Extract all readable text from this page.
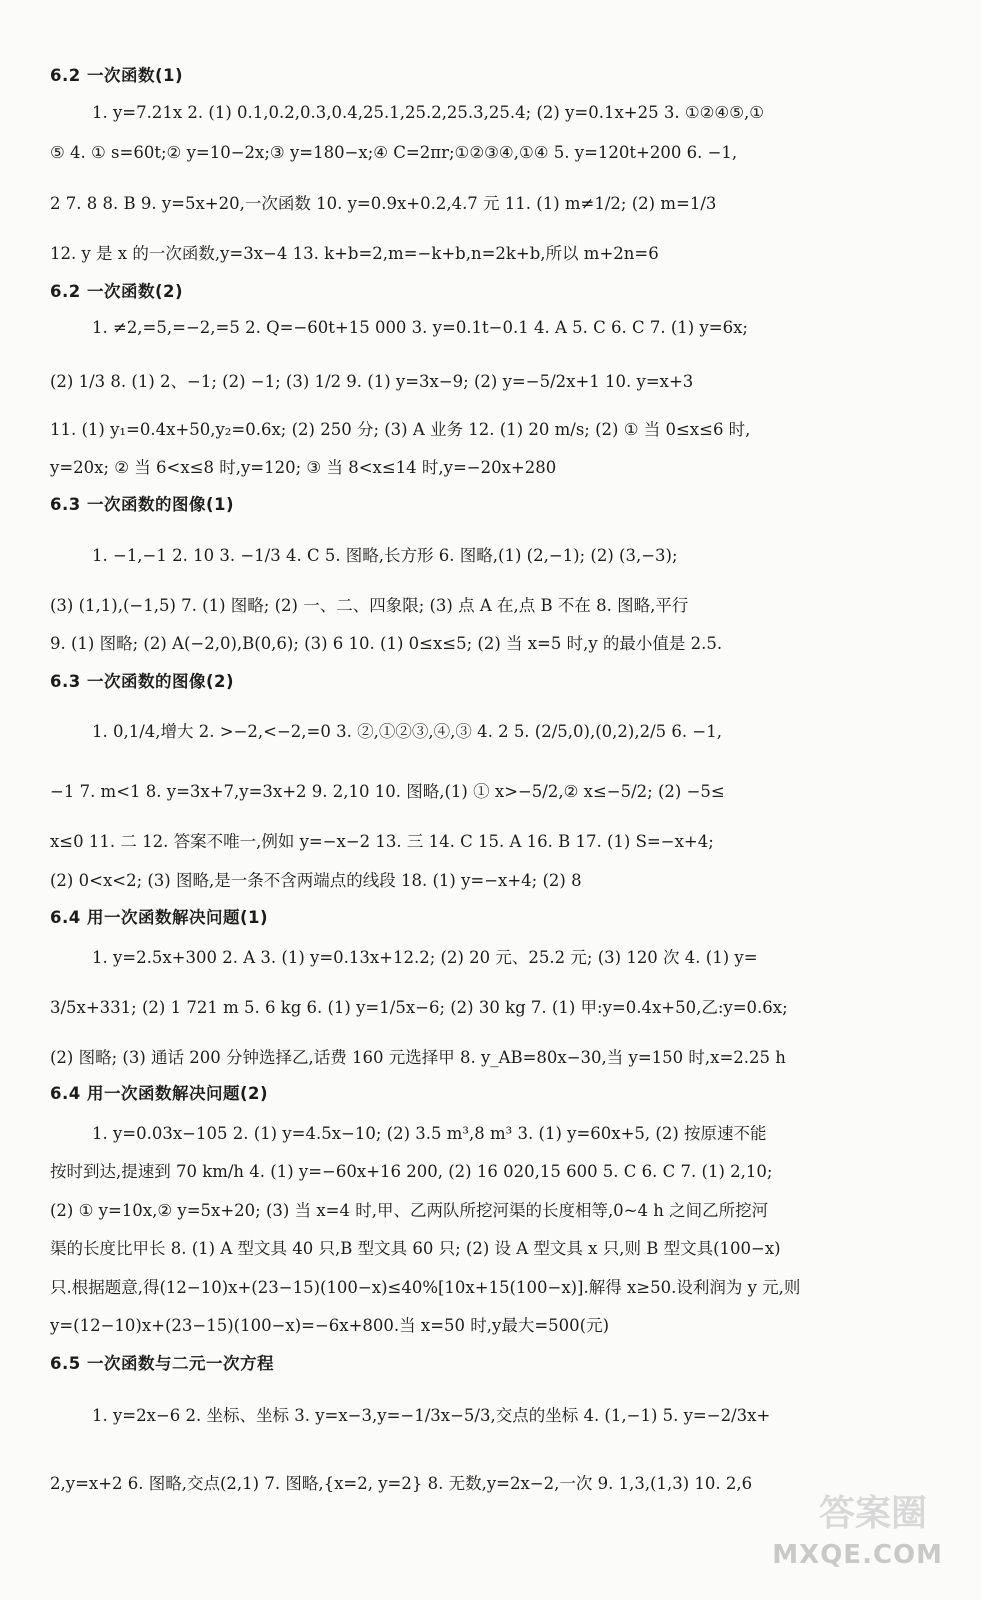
6.2 一次函数(1)
1. y=7.21x 2. (1) 0.1,0.2,0.3,0.4,25.1,25.2,25.3,25.4; (2) y=0.1x+25 3. ①②④⑤,①
⑤ 4. ① s=60t;② y=10−2x;③ y=180−x;④ C=2πr;①②③④,①④ 5. y=120t+200 6. −1,
2 7. 8 8. B 9. y=5x+20,一次函数 10. y=0.9x+0.2,4.7 元 11. (1) m≠1/2; (2) m=1/3
12. y 是 x 的一次函数,y=3x−4 13. k+b=2,m=−k+b,n=2k+b,所以 m+2n=6
6.2 一次函数(2)
1. ≠2,=5,=−2,=5 2. Q=−60t+15 000 3. y=0.1t−0.1 4. A 5. C 6. C 7. (1) y=6x;
(2) 1/3 8. (1) 2、−1; (2) −1; (3) 1/2 9. (1) y=3x−9; (2) y=−5/2x+1 10. y=x+3
11. (1) y₁=0.4x+50,y₂=0.6x; (2) 250 分; (3) A 业务 12. (1) 20 m/s; (2) ① 当 0≤x≤6 时,
y=20x; ② 当 6<x≤8 时,y=120; ③ 当 8<x≤14 时,y=−20x+280
6.3 一次函数的图像(1)
1. −1,−1 2. 10 3. −1/3 4. C 5. 图略,长方形 6. 图略,(1) (2,−1); (2) (3,−3);
(3) (1,1),(−1,5) 7. (1) 图略; (2) 一、二、四象限; (3) 点 A 在,点 B 不在 8. 图略,平行
9. (1) 图略; (2) A(−2,0),B(0,6); (3) 6 10. (1) 0≤x≤5; (2) 当 x=5 时,y 的最小值是 2.5.
6.3 一次函数的图像(2)
1. 0,1/4,增大 2. >−2,<−2,=0 3. ②,①②③,④,③ 4. 2 5. (2/5,0),(0,2),2/5 6. −1,
−1 7. m<1 8. y=3x+7,y=3x+2 9. 2,10 10. 图略,(1) ① x>−5/2,② x≤−5/2; (2) −5≤
x≤0 11. 二 12. 答案不唯一,例如 y=−x−2 13. 三 14. C 15. A 16. B 17. (1) S=−x+4;
(2) 0<x<2; (3) 图略,是一条不含两端点的线段 18. (1) y=−x+4; (2) 8
6.4 用一次函数解决问题(1)
1. y=2.5x+300 2. A 3. (1) y=0.13x+12.2; (2) 20 元、25.2 元; (3) 120 次 4. (1) y=
3/5x+331; (2) 1 721 m 5. 6 kg 6. (1) y=1/5x−6; (2) 30 kg 7. (1) 甲:y=0.4x+50,乙:y=0.6x;
(2) 图略; (3) 通话 200 分钟选择乙,话费 160 元选择甲 8. y_AB=80x−30,当 y=150 时,x=2.25 h
6.4 用一次函数解决问题(2)
1. y=0.03x−105 2. (1) y=4.5x−10; (2) 3.5 m³,8 m³ 3. (1) y=60x+5, (2) 按原速不能
按时到达,提速到 70 km/h 4. (1) y=−60x+16 200, (2) 16 020,15 600 5. C 6. C 7. (1) 2,10;
(2) ① y=10x,② y=5x+20; (3) 当 x=4 时,甲、乙两队所挖河渠的长度相等,0~4 h 之间乙所挖河
渠的长度比甲长 8. (1) A 型文具 40 只,B 型文具 60 只; (2) 设 A 型文具 x 只,则 B 型文具(100−x)
只.根据题意,得(12−10)x+(23−15)(100−x)≤40%[10x+15(100−x)].解得 x≥50.设利润为 y 元,则
y=(12−10)x+(23−15)(100−x)=−6x+800.当 x=50 时,y最大=500(元)
6.5 一次函数与二元一次方程
1. y=2x−6 2. 坐标、坐标 3. y=x−3,y=−1/3x−5/3,交点的坐标 4. (1,−1) 5. y=−2/3x+
2,y=x+2 6. 图略,交点(2,1) 7. 图略,{x=2, y=2} 8. 无数,y=2x−2,一次 9. 1,3,(1,3) 10. 2,6
答案圈
MXQE.COM
